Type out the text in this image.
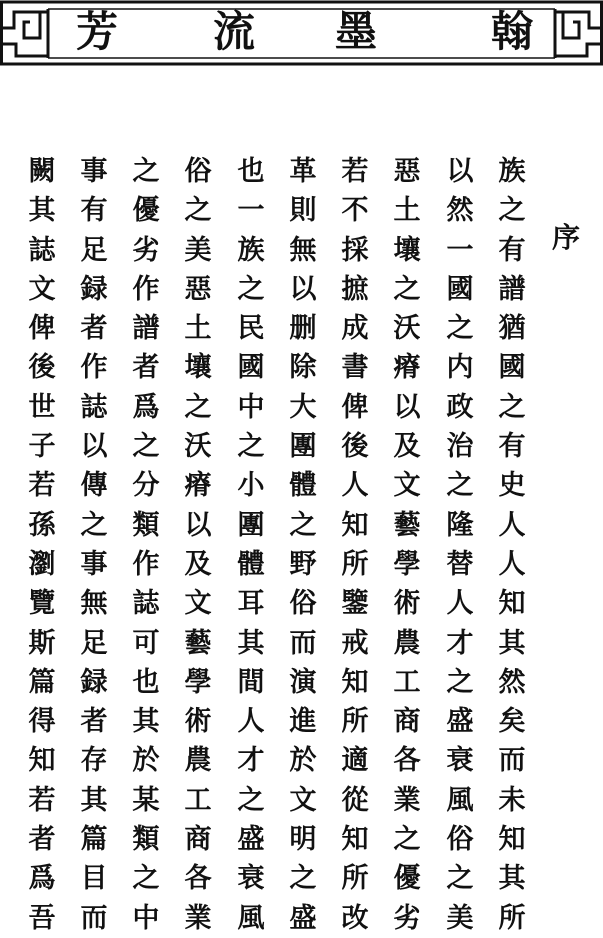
翰
墨
流
芳
序
族
之
有
譜
猶
國
之
有
史
人
人
知
其
然
矣
而
未
知
其
所
以
然
一
國
之
内
政
治
之
隆
替
人
才
之
盛
衰
風
俗
之
美
惡
土
壤
之
沃
瘠
以
及
文
藝
學
術
農
工
商
各
業
之
優
劣
若
不
採
摭
成
書
俾
後
人
知
所
鑒
戒
知
所
適
從
知
所
改
革
則
無
以
删
除
大
團
體
之
野
俗
而
演
進
於
文
明
之
盛
也
一
族
之
民
國
中
之
小
團
體
耳
其
間
人
才
之
盛
衰
風
俗
之
美
惡
土
壤
之
沃
瘠
以
及
文
藝
學
術
農
工
商
各
業
之
優
劣
作
譜
者
爲
之
分
類
作
誌
可
也
其
於
某
類
之
中
事
有
足
録
者
作
誌
以
傳
之
事
無
足
録
者
存
其
篇
目
而
闕
其
誌
文
俾
後
世
子
若
孫
瀏
覽
斯
篇
得
知
若
者
爲
吾
